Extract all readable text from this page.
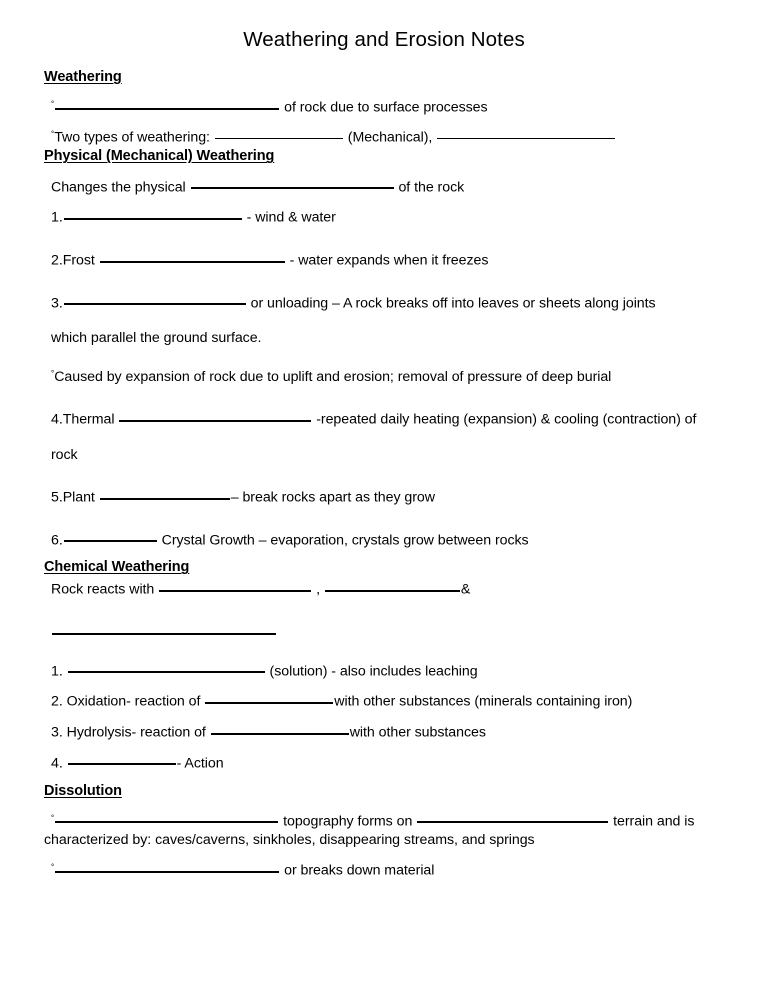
Weathering and Erosion Notes
Weathering
°	of rock due to surface processes
°Two types of weathering:	(Mechanical),
Physical (Mechanical) Weathering
Changes the physical	of the rock
1.	- wind & water
2.Frost	- water expands when it freezes
3.	or unloading – A rock breaks off into leaves or sheets along joints
which parallel the ground surface.
°Caused by expansion of rock due to uplift and erosion; removal of pressure of deep burial
4.Thermal	-repeated daily heating (expansion) & cooling (contraction) of
rock
5.Plant	– break rocks apart as they grow
6.	Crystal Growth – evaporation, crystals grow between rocks
Chemical Weathering
Rock reacts with	,	&
1.	(solution) - also includes leaching
2. Oxidation- reaction of	with other substances (minerals containing iron)
3. Hydrolysis- reaction of	with other substances
4.	- Action
Dissolution
°	topography forms on	terrain and is
characterized by: caves/caverns, sinkholes, disappearing streams, and springs
°	or breaks down material
